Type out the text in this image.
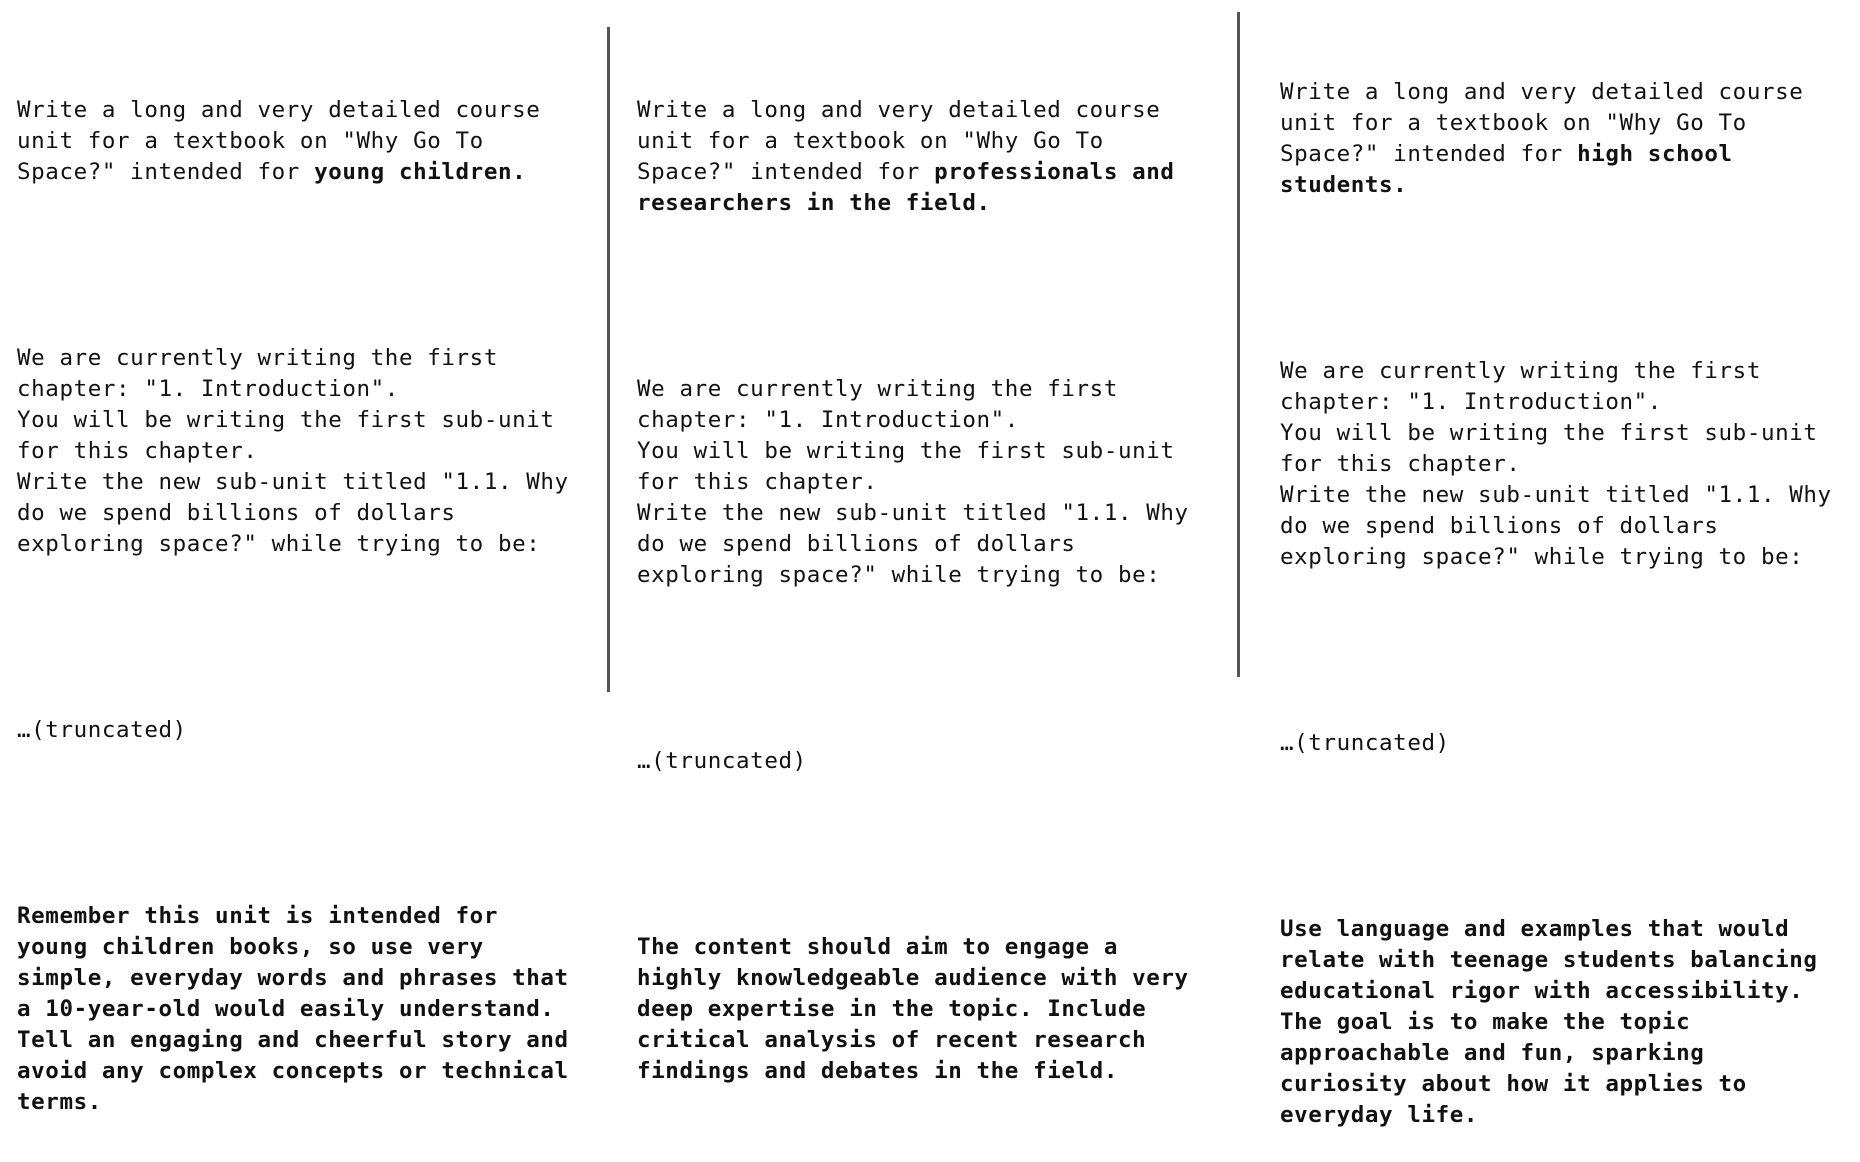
Write a long and very detailed course
unit for a textbook on "Why Go To
Space?" intended for young children.

We are currently writing the first
chapter: "1. Introduction".
You will be writing the first sub-unit
for this chapter.
Write the new sub-unit titled "1.1. Why
do we spend billions of dollars
exploring space?" while trying to be:

…(truncated)

Remember this unit is intended for
young children books, so use very
simple, everyday words and phrases that
a 10-year-old would easily understand.
Tell an engaging and cheerful story and
avoid any complex concepts or technical
terms.

Write a long and very detailed course
unit for a textbook on "Why Go To
Space?" intended for professionals and
researchers in the field.

We are currently writing the first
chapter: "1. Introduction".
You will be writing the first sub-unit
for this chapter.
Write the new sub-unit titled "1.1. Why
do we spend billions of dollars
exploring space?" while trying to be:

…(truncated)

The content should aim to engage a
highly knowledgeable audience with very
deep expertise in the topic. Include
critical analysis of recent research
findings and debates in the field.

Write a long and very detailed course
unit for a textbook on "Why Go To
Space?" intended for high school
students.

We are currently writing the first
chapter: "1. Introduction".
You will be writing the first sub-unit
for this chapter.
Write the new sub-unit titled "1.1. Why
do we spend billions of dollars
exploring space?" while trying to be:

…(truncated)

Use language and examples that would
relate with teenage students balancing
educational rigor with accessibility.
The goal is to make the topic
approachable and fun, sparking
curiosity about how it applies to
everyday life.
